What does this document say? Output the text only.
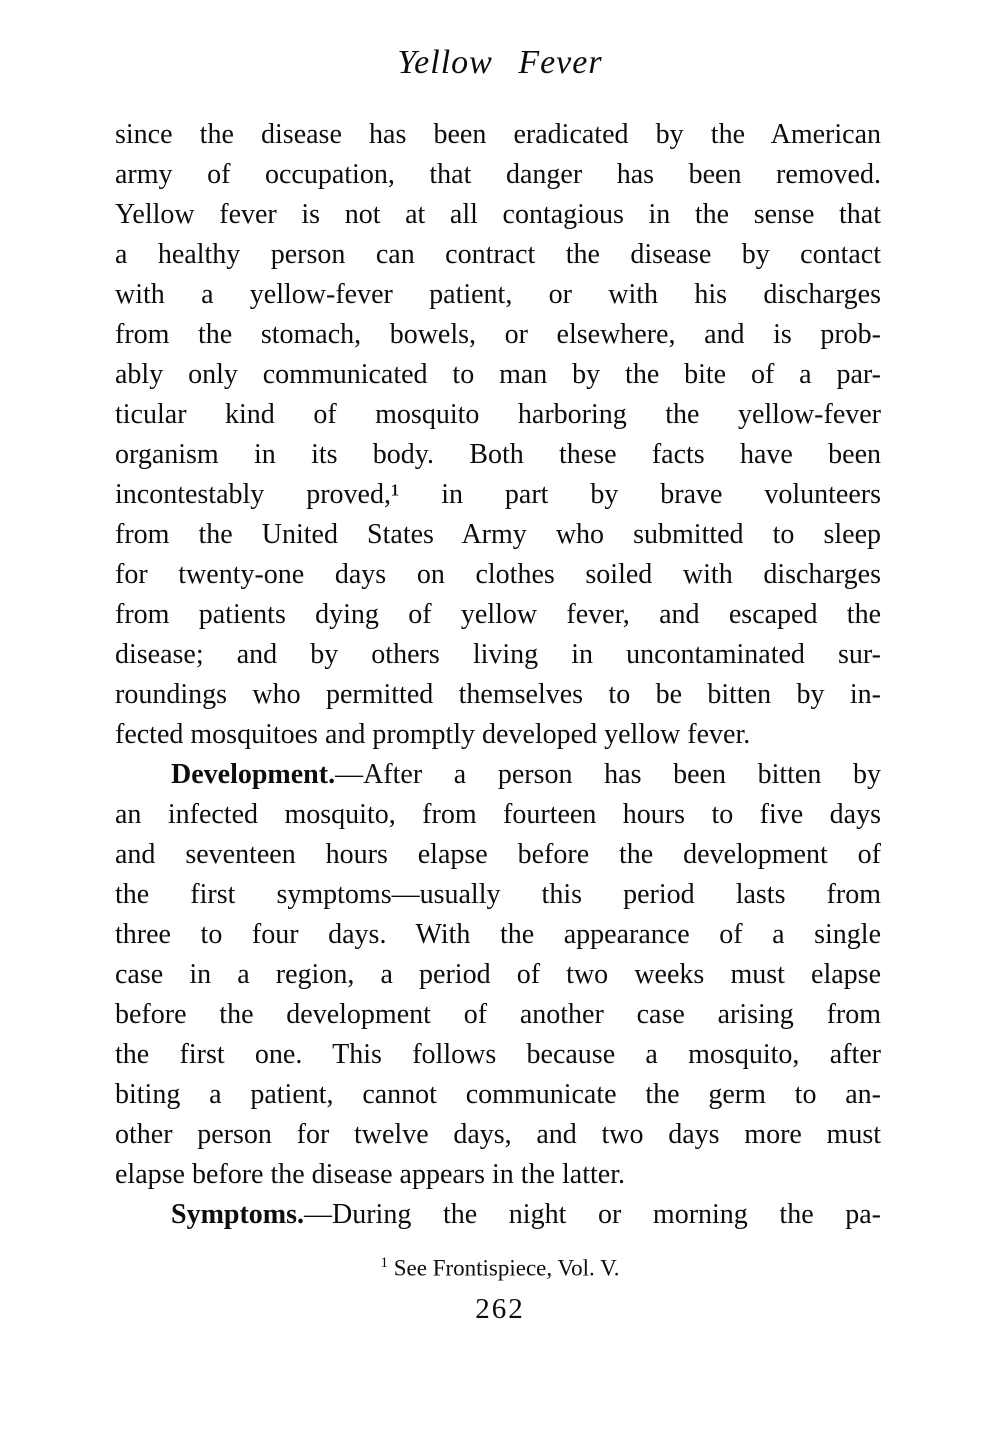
Yellow Fever
since the disease has been eradicated by the American
army of occupation, that danger has been removed.
Yellow fever is not at all contagious in the sense that
a healthy person can contract the disease by contact
with a yellow-fever patient, or with his discharges
from the stomach, bowels, or elsewhere, and is prob-
ably only communicated to man by the bite of a par-
ticular kind of mosquito harboring the yellow-fever
organism in its body. Both these facts have been
incontestably proved,¹ in part by brave volunteers
from the United States Army who submitted to sleep
for twenty-one days on clothes soiled with discharges
from patients dying of yellow fever, and escaped the
disease; and by others living in uncontaminated sur-
roundings who permitted themselves to be bitten by in-
fected mosquitoes and promptly developed yellow fever.
Development.—After a person has been bitten by
an infected mosquito, from fourteen hours to five days
and seventeen hours elapse before the development of
the first symptoms—usually this period lasts from
three to four days. With the appearance of a single
case in a region, a period of two weeks must elapse
before the development of another case arising from
the first one. This follows because a mosquito, after
biting a patient, cannot communicate the germ to an-
other person for twelve days, and two days more must
elapse before the disease appears in the latter.
Symptoms.—During the night or morning the pa-
$^1$ See Frontispiece, Vol. V.
262
